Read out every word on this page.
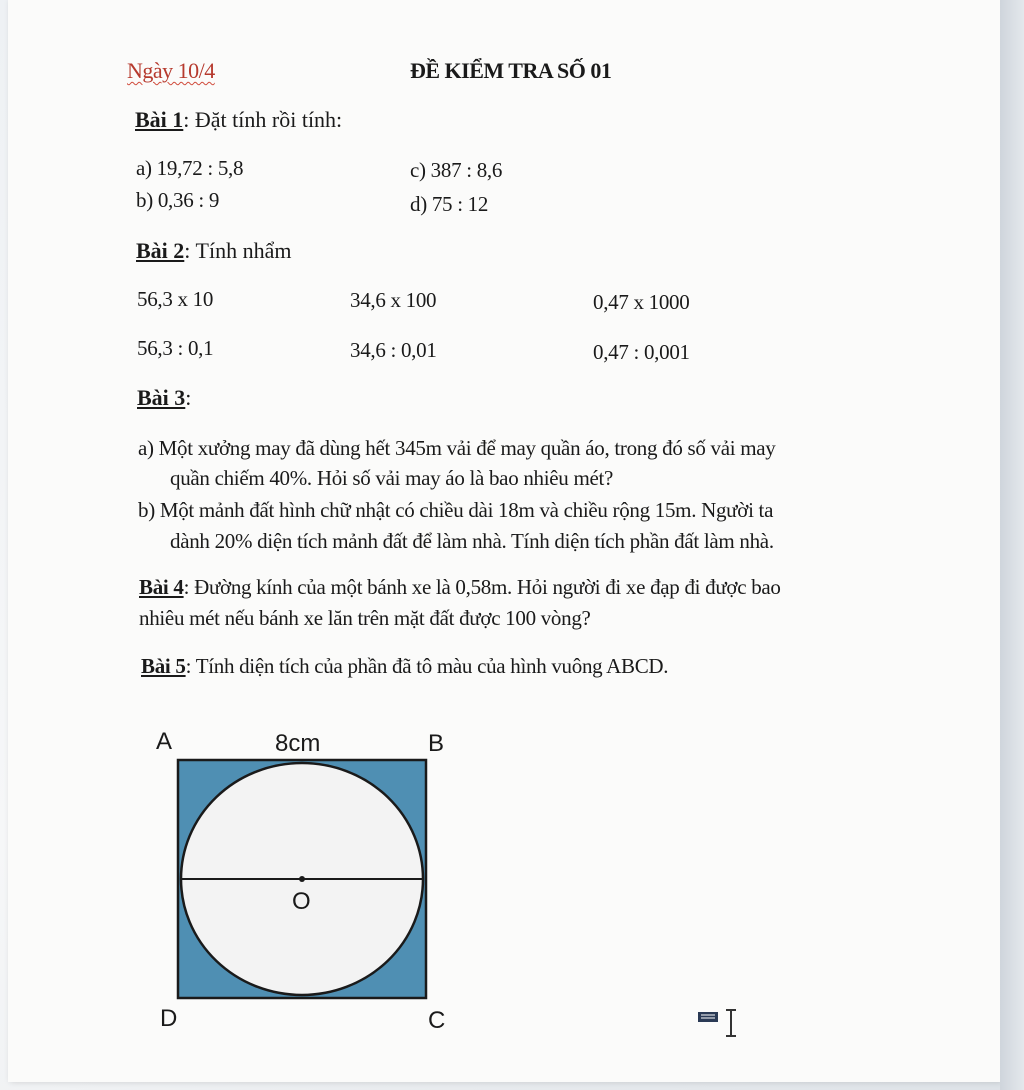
Ngày 10/4	ĐỀ KIỂM TRA SỐ 01
Bài 1: Đặt tính rồi tính:
a) 19,72 : 5,8	c) 387 : 8,6
b) 0,36 : 9	d) 75 : 12
Bài 2: Tính nhẩm
56,3 x 10	34,6 x 100	0,47 x 1000
56,3 : 0,1	34,6 : 0,01	0,47 : 0,001
Bài 3:
a) Một xưởng may đã dùng hết 345m vải để may quần áo, trong đó số vải may
quần chiếm 40%. Hỏi số vải may áo là bao nhiêu mét?
b) Một mảnh đất hình chữ nhật có chiều dài 18m và chiều rộng 15m. Người ta
dành 20% diện tích mảnh đất để làm nhà. Tính diện tích phần đất làm nhà.
Bài 4: Đường kính của một bánh xe là 0,58m. Hỏi người đi xe đạp đi được bao
nhiêu mét nếu bánh xe lăn trên mặt đất được 100 vòng?
Bài 5: Tính diện tích của phần đã tô màu của hình vuông ABCD.
A	8cm	B
D	C
O
